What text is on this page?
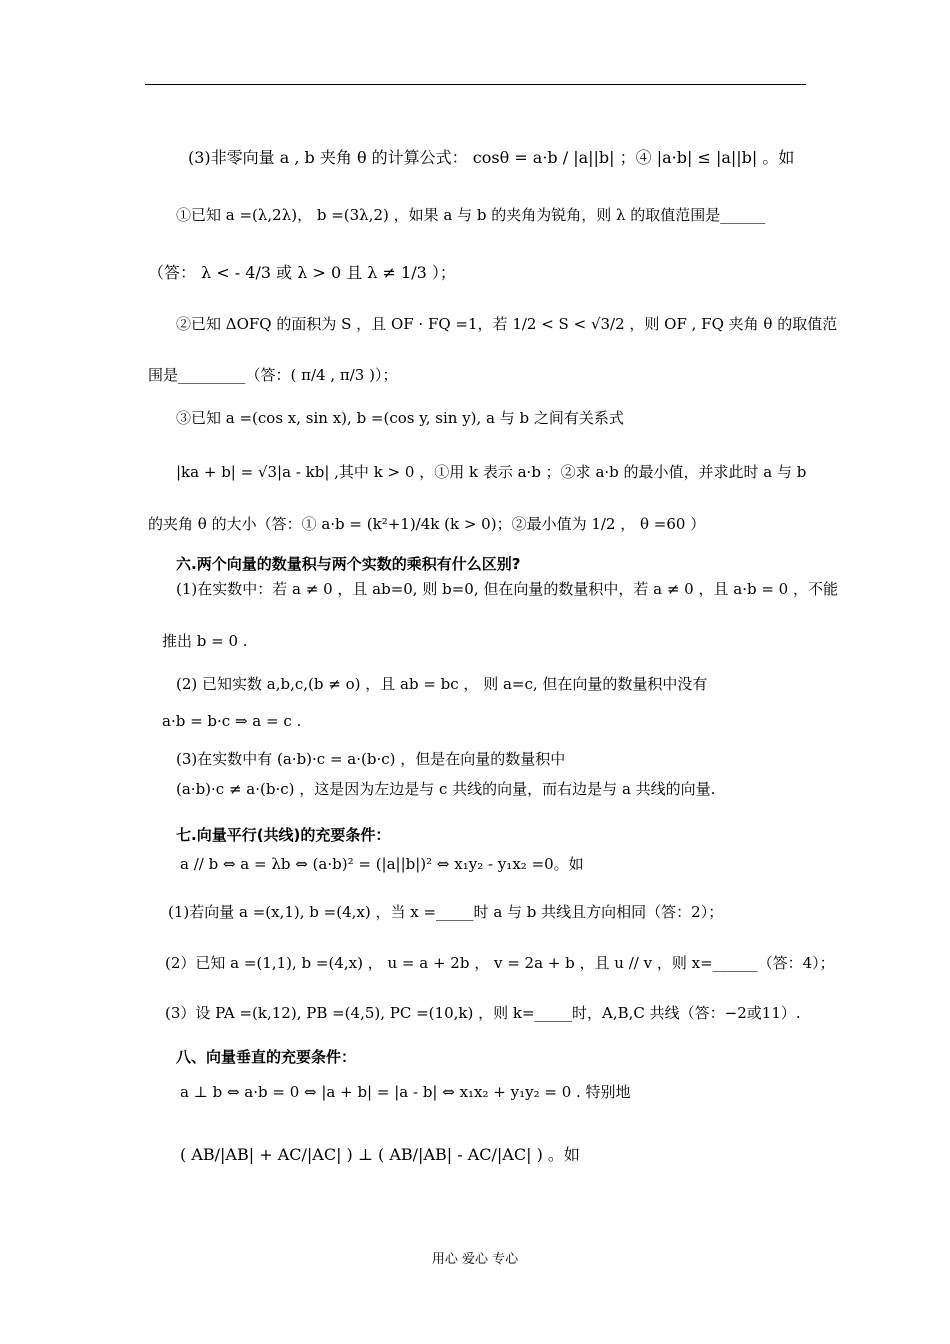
(3)非零向量 a , b 夹角 θ 的计算公式： cosθ = a·b / |a||b| ；④ |a·b| ≤ |a||b| 。如
①已知 a =(λ,2λ)， b =(3λ,2) ，如果 a 与 b 的夹角为锐角，则 λ 的取值范围是______
（答： λ < - 4/3 或 λ > 0 且 λ ≠ 1/3 ）；
②已知 ΔOFQ 的面积为 S ，且 OF · FQ =1，若 1/2 < S < √3/2 ，则 OF , FQ 夹角 θ 的取值范
围是_________（答：( π/4 , π/3 )）；
③已知 a =(cos x, sin x), b =(cos y, sin y), a 与 b 之间有关系式
|ka + b| = √3|a - kb| ,其中 k > 0 ，①用 k 表示 a·b ；②求 a·b 的最小值，并求此时 a 与 b
的夹角 θ 的大小（答：① a·b = (k²+1)/4k (k > 0)；②最小值为 1/2 ， θ =60 ）
六.两个向量的数量积与两个实数的乘积有什么区别?
(1)在实数中：若 a ≠ 0 ，且 ab=0, 则 b=0, 但在向量的数量积中，若 a ≠ 0 ，且 a·b = 0 ，不能
推出 b = 0 .
(2) 已知实数 a,b,c,(b ≠ o) ，且 ab = bc ， 则 a=c, 但在向量的数量积中没有
a·b = b·c ⇒ a = c .
(3)在实数中有 (a·b)·c = a·(b·c) ，但是在向量的数量积中
(a·b)·c ≠ a·(b·c) ，这是因为左边是与 c 共线的向量，而右边是与 a 共线的向量.
七.向量平行(共线)的充要条件：
a // b ⇔ a = λb ⇔ (a·b)² = (|a||b|)² ⇔ x₁y₂ - y₁x₂ =0。如
(1)若向量 a =(x,1), b =(4,x) ，当 x =_____时 a 与 b 共线且方向相同（答：2）；
(2）已知 a =(1,1), b =(4,x) ， u = a + 2b ， v = 2a + b ，且 u // v ，则 x=______（答：4）；
(3）设 PA =(k,12), PB =(4,5), PC =(10,k) ，则 k=_____时，A,B,C 共线（答：−2或11）.
八、向量垂直的充要条件：
a ⊥ b ⇔ a·b = 0 ⇔ |a + b| = |a - b| ⇔ x₁x₂ + y₁y₂ = 0 . 特别地
( AB/|AB| + AC/|AC| ) ⊥ ( AB/|AB| - AC/|AC| ) 。如
用心 爱心 专心
